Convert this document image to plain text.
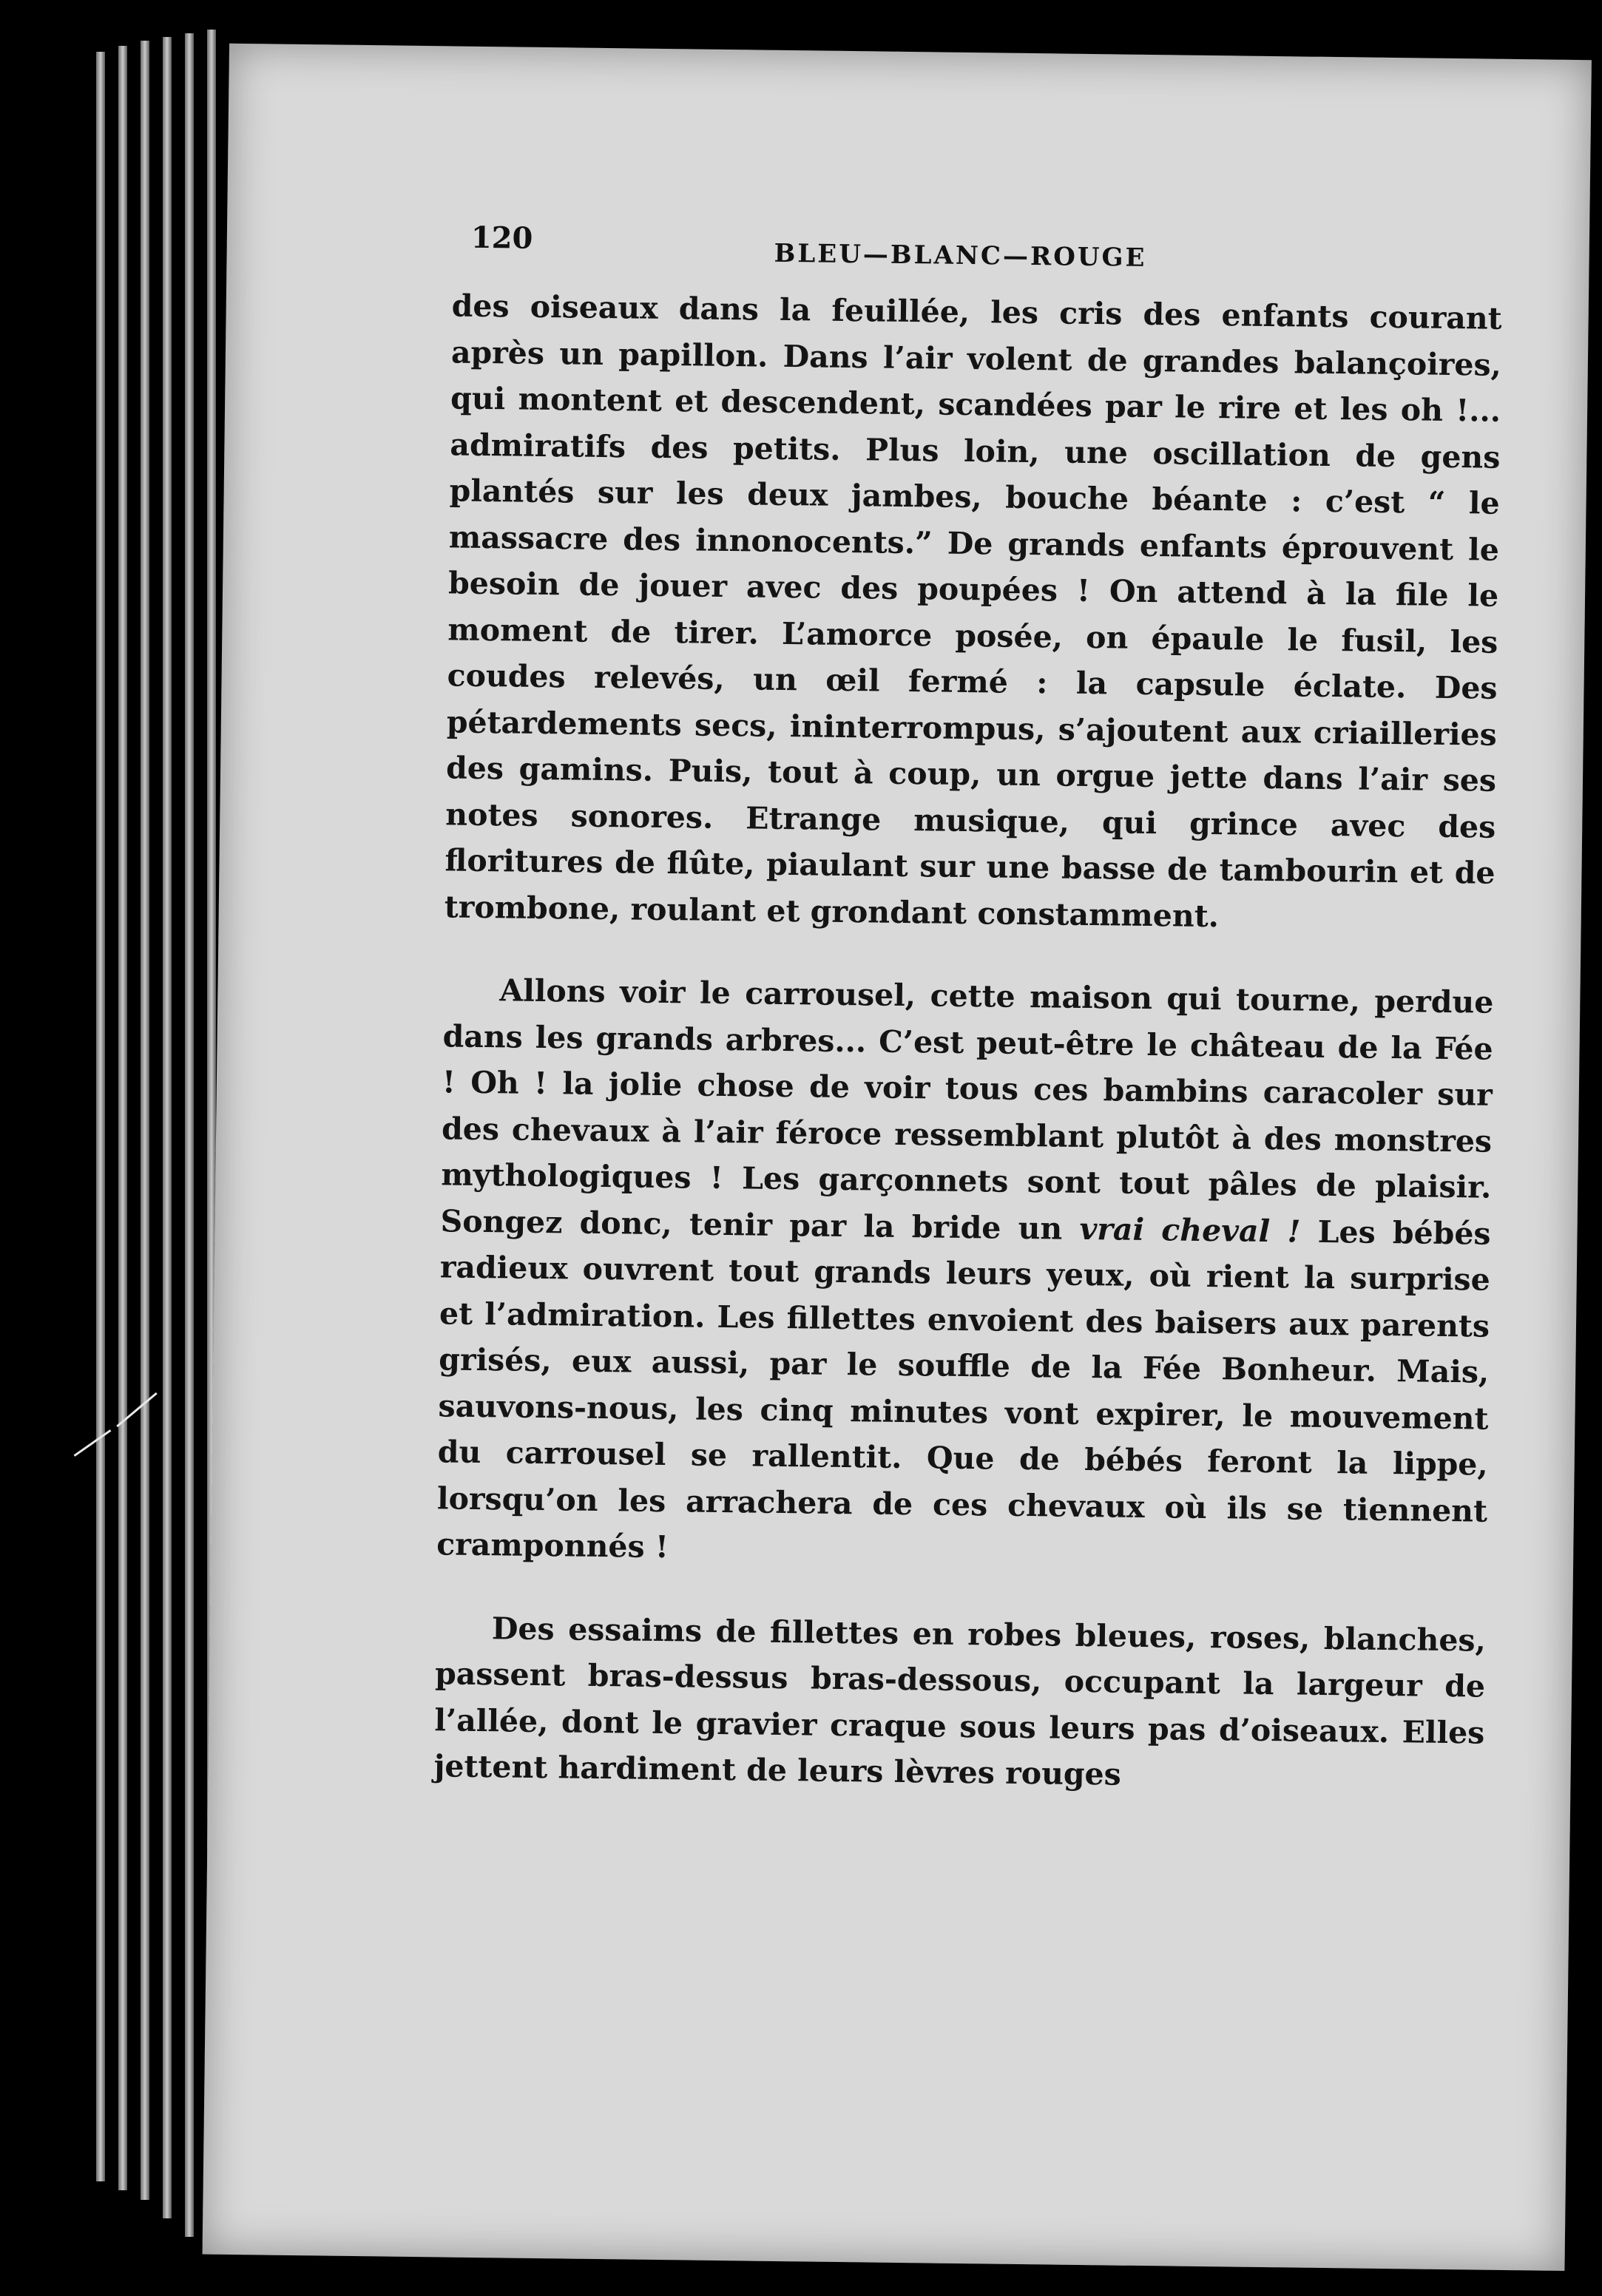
120
BLEU—BLANC—ROUGE

des oiseaux dans la feuillée, les cris des enfants courant après un papillon. Dans l’air volent de grandes balançoires, qui montent et descendent, scandées par le rire et les oh !... admiratifs des petits. Plus loin, une oscillation de gens plantés sur les deux jambes, bouche béante : c’est “ le massacre des innonocents.” De grands enfants éprouvent le besoin de jouer avec des poupées ! On attend à la file le moment de tirer. L’amorce posée, on épaule le fusil, les coudes relevés, un œil fermé : la capsule éclate. Des pétardements secs, ininterrompus, s’ajoutent aux criailleries des gamins. Puis, tout à coup, un orgue jette dans l’air ses notes sonores. Etrange musique, qui grince avec des floritures de flûte, piaulant sur une basse de tambourin et de trombone, roulant et grondant constamment.

Allons voir le carrousel, cette maison qui tourne, perdue dans les grands arbres... C’est peut-être le château de la Fée ! Oh ! la jolie chose de voir tous ces bambins caracoler sur des chevaux à l’air féroce ressemblant plutôt à des monstres mythologiques ! Les garçonnets sont tout pâles de plaisir. Songez donc, tenir par la bride un vrai cheval ! Les bébés radieux ouvrent tout grands leurs yeux, où rient la surprise et l’admiration. Les fillettes envoient des baisers aux parents grisés, eux aussi, par le souffle de la Fée Bonheur. Mais, sauvons-nous, les cinq minutes vont expirer, le mouvement du carrousel se rallentit. Que de bébés feront la lippe, lorsqu’on les arrachera de ces chevaux où ils se tiennent cramponnés !

Des essaims de fillettes en robes bleues, roses, blanches, passent bras-dessus bras-dessous, occupant la largeur de l’allée, dont le gravier craque sous leurs pas d’oiseaux. Elles jettent hardiment de leurs lèvres rouges
